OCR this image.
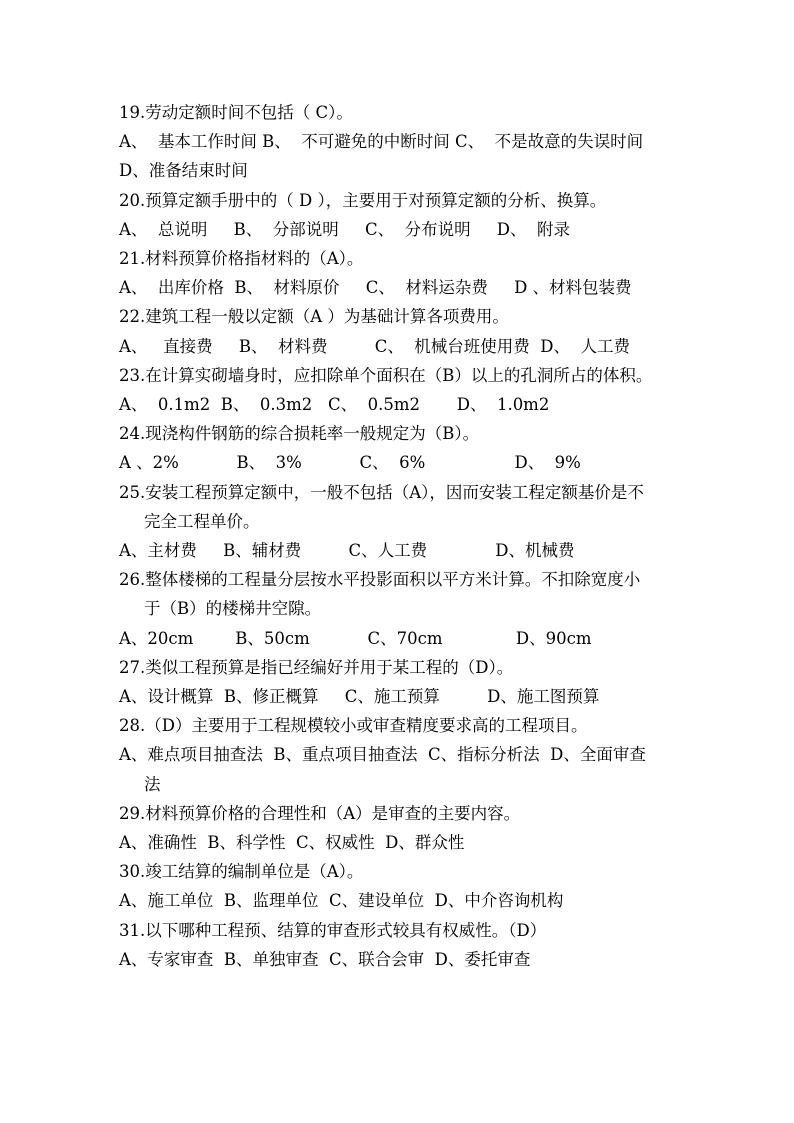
19.劳动定额时间不包括（ C）。

A、  基本工作时间 B、  不可避免的中断时间 C、  不是故意的失误时间

D、准备结束时间

20.预算定额手册中的（ D ），主要用于对预算定额的分析、换算。

A、  总说明     B、  分部说明     C、  分布说明     D、  附录

21.材料预算价格指材料的（A）。

A、  出库价格  B、  材料原价     C、  材料运杂费     D 、材料包装费

22.建筑工程一般以定额（A ）为基础计算各项费用。

A、   直接费     B、  材料费         C、  机械台班使用费  D、  人工费

23.在计算实砌墙身时，应扣除单个面积在（B）以上的孔洞所占的体积。

A、  0.1m2  B、  0.3m2   C、  0.5m2       D、  1.0m2

24.现浇构件钢筋的综合损耗率一般规定为（B）。

A 、2%           B、  3%           C、  6%                 D、  9%

25.安装工程预算定额中，一般不包括（A），因而安装工程定额基价是不

完全工程单价。

A、主材费     B、辅材费         C、人工费             D、机械费

26.整体楼梯的工程量分层按水平投影面积以平方米计算。不扣除宽度小

于（B）的楼梯井空隙。

A、20cm        B、50cm           C、70cm              D、90cm

27.类似工程预算是指已经编好并用于某工程的（D）。

A、设计概算  B、修正概算     C、施工预算         D、施工图预算

28.（D）主要用于工程规模较小或审查精度要求高的工程项目。

A、难点项目抽查法  B、重点项目抽查法  C、指标分析法  D、全面审查

法

29.材料预算价格的合理性和（A）是审查的主要内容。

A、准确性  B、科学性  C、权威性  D、群众性

30.竣工结算的编制单位是（A）。

A、施工单位  B、监理单位  C、建设单位  D、中介咨询机构

31.以下哪种工程预、结算的审查形式较具有权威性。（D）

A、专家审查  B、单独审查  C、联合会审  D、委托审查
